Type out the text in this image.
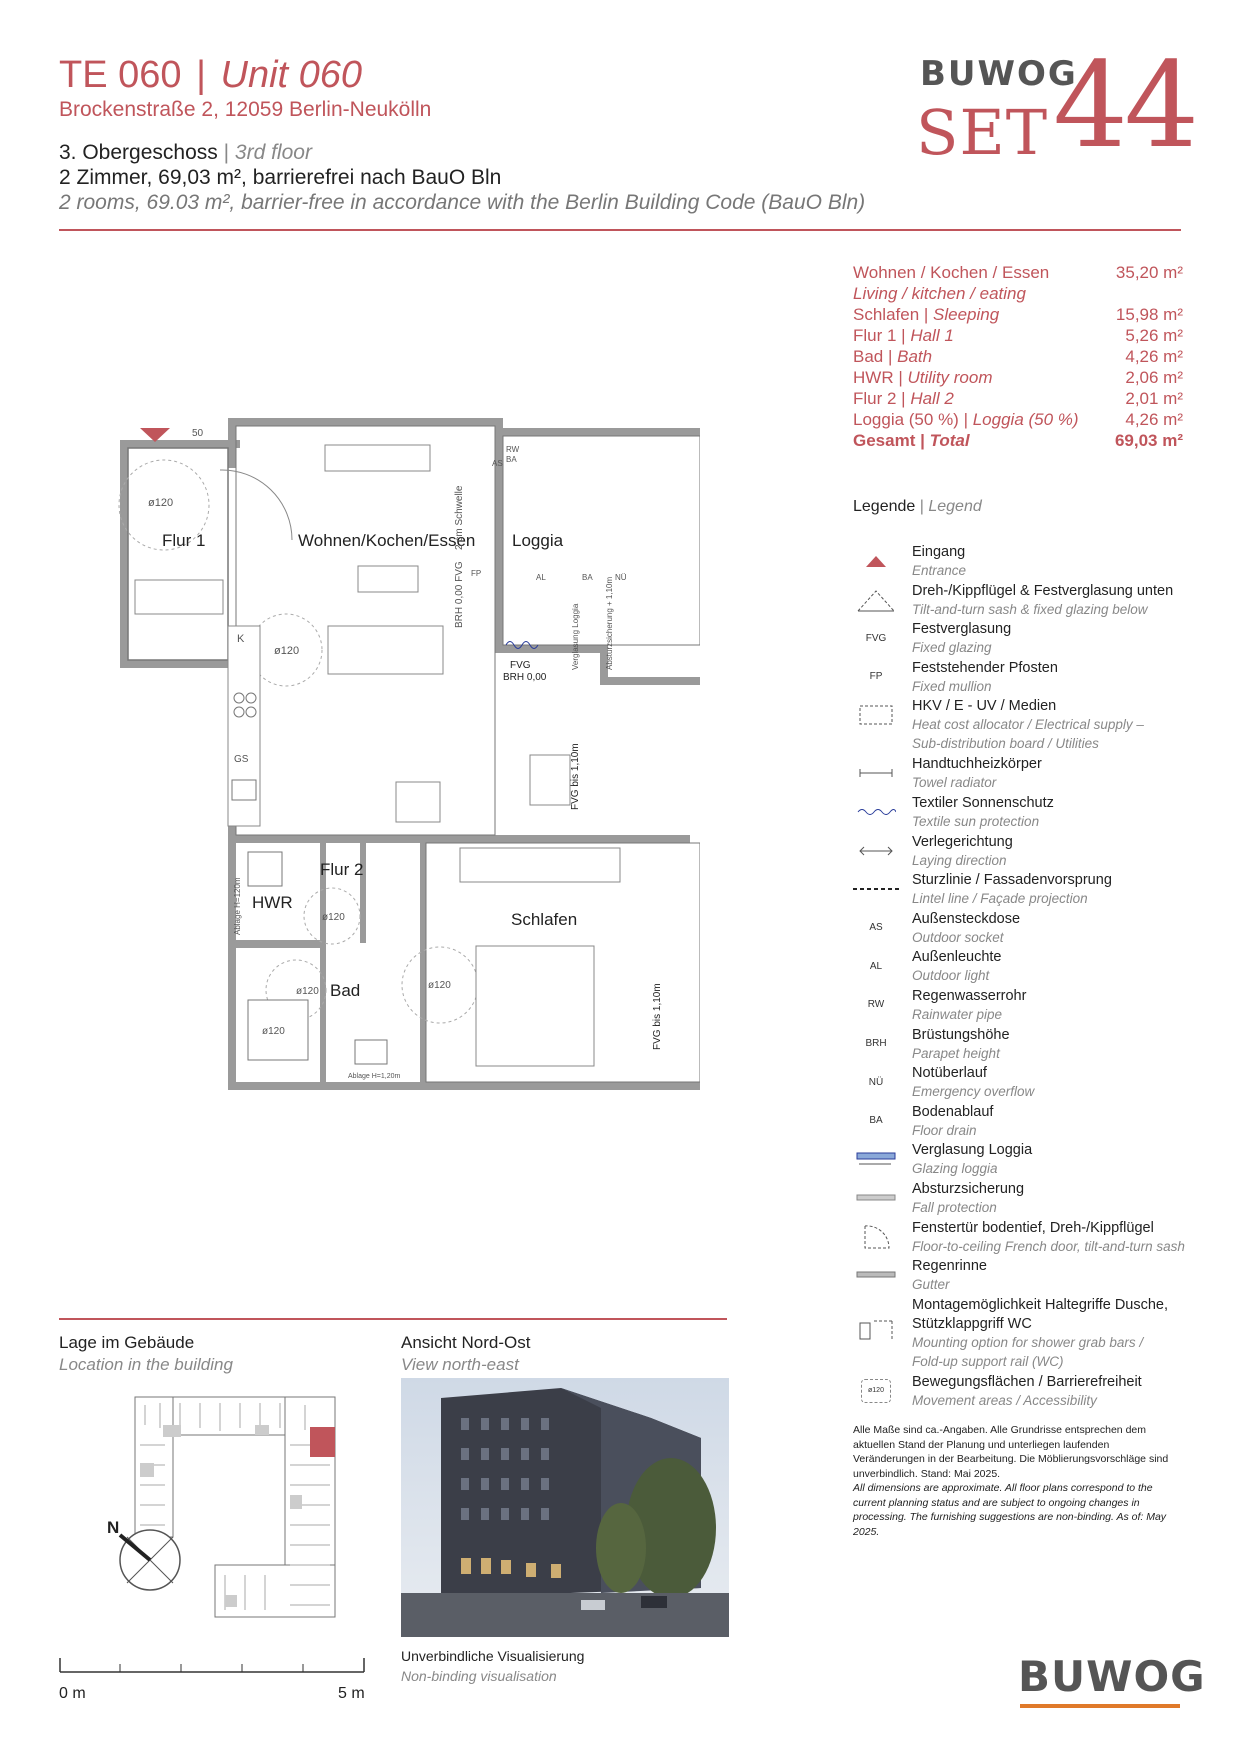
TE 060 | Unit 060
Brockenstraße 2, 12059 Berlin-Neukölln
3. Obergeschoss | 3rd floor
2 Zimmer, 69,03 m², barrierefrei nach BauO Bln
2 rooms, 69.03 m², barrier-free in accordance with the Berlin Building Code (BauO Bln)
BUWOG
SET 44
Wohnen / Kochen / Essen	35,20 m²
Living / kitchen / eating
Schlafen | Sleeping	15,98 m²
Flur 1 | Hall 1	5,26 m²
Bad | Bath	4,26 m²
HWR | Utility room	2,06 m²
Flur 2 | Hall 2	2,01 m²
Loggia (50 %) | Loggia (50 %)	4,26 m²
Gesamt | Total	69,03 m²
50
ø120
Flur 1	Wohnen/Kochen/Essen
ø120
K
GS
2 cm Schwelle
BRH 0,00 FVG FP
Loggia
RW
BA
AS
AL	BA	NÜ
Verglasung Loggia	Absturzsicherung + 1,10m
FVG
BRH 0,00
FVG bis 1,10m
Ablage H=120m HWR
Flur 2
ø120
Bad
ø120
ø120
Ablage H=1,20m
Schlafen
ø120	FVG bis 1,10m
Legende | Legend
Eingang
Entrance
Dreh-/Kippflügel & Festverglasung unten
Tilt-and-turn sash & fixed glazing below
FVG
Festverglasung
Fixed glazing
FP
Feststehender Pfosten
Fixed mullion
HKV / E - UV / Medien
Heat cost allocator / Electrical supply –
Sub-distribution board / Utilities
Handtuchheizkörper
Towel radiator
Textiler Sonnenschutz
Textile sun protection
Verlegerichtung
Laying direction
Sturzlinie / Fassadenvorsprung
Lintel line / Façade projection
AS
Außensteckdose
Outdoor socket
AL
Außenleuchte
Outdoor light
RW
Regenwasserrohr
Rainwater pipe
BRH
Brüstungshöhe
Parapet height
NÜ
Notüberlauf
Emergency overflow
BA
Bodenablauf
Floor drain
Verglasung Loggia
Glazing loggia
Absturzsicherung
Fall protection
Fenstertür bodentief, Dreh-/Kippflügel
Floor-to-ceiling French door, tilt-and-turn sash
Regenrinne
Gutter
Montagemöglichkeit Haltegriffe Dusche,
Stützklappgriff WC
Mounting option for shower grab bars /
Fold-up support rail (WC)
ø120
Bewegungsflächen / Barrierefreiheit
Movement areas / Accessibility
Alle Maße sind ca.-Angaben. Alle Grundrisse entsprechen dem aktuellen Stand der Planung und unterliegen laufenden Veränderungen in der Bearbeitung. Die Möblierungsvorschläge sind unverbindlich. Stand: Mai 2025.
All dimensions are approximate. All floor plans correspond to the current planning status and are subject to ongoing changes in processing. The furnishing suggestions are non-binding. As of: May 2025.
Lage im Gebäude
Location in the building
Ansicht Nord-Ost
View north-east
N
0 m	5 m
Unverbindliche Visualisierung
Non-binding visualisation	BUWOG
